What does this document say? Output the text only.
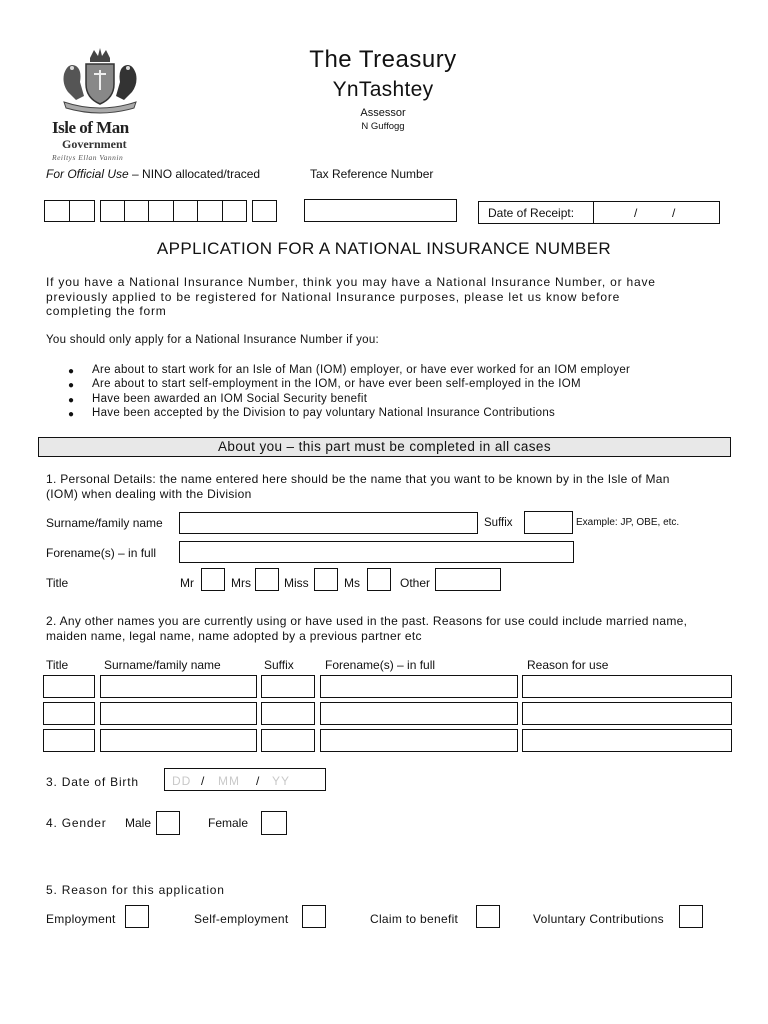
Isle of Man
Government
Reiltys Ellan Vannin
The Treasury
YnTashtey
Assessor
N Guffogg
For Official Use – NINO allocated/traced	Tax Reference Number
Date of Receipt:	/	/
APPLICATION FOR A NATIONAL INSURANCE NUMBER
If you have a National Insurance Number, think you may have a National Insurance Number, or have
previously applied to be registered for National Insurance purposes, please let us know before
completing the form
You should only apply for a National Insurance Number if you:
● Are about to start work for an Isle of Man (IOM) employer, or have ever worked for an IOM employer
● Are about to start self-employment in the IOM, or have ever been self-employed in the IOM
● Have been awarded an IOM Social Security benefit
● Have been accepted by the Division to pay voluntary National Insurance Contributions
About you – this part must be completed in all cases
1. Personal Details: the name entered here should be the name that you want to be known by in the Isle of Man
(IOM) when dealing with the Division
Surname/family name	Suffix	Example: JP, OBE, etc.
Forename(s) – in full
Title	Mr	Mrs	Miss	Ms	Other
2. Any other names you are currently using or have used in the past. Reasons for use could include married name,
maiden name, legal name, name adopted by a previous partner etc
Title	Surname/family name	Suffix	Forename(s) – in full	Reason for use
3. Date of Birth	DD / MM / YY
4. Gender Male	Female
5. Reason for this application
Employment	Self-employment	Claim to benefit	Voluntary Contributions
